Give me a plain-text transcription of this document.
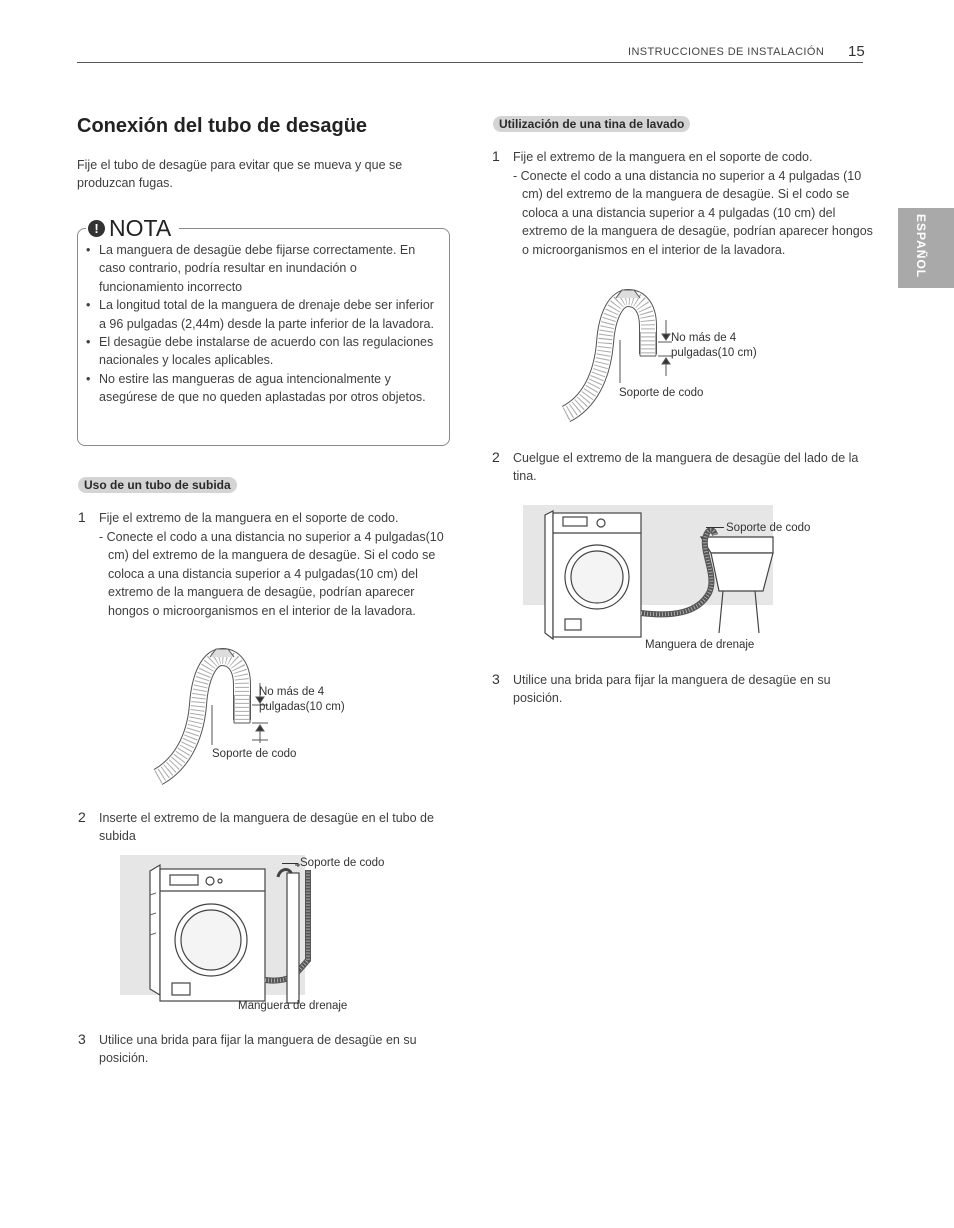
INSTRUCCIONES DE INSTALACIÓN 15
ESPAÑOL
Conexión del tubo de desagüe
Fije el tubo de desagüe para evitar que se mueva y que se produzcan fugas.
! NOTA
• La manguera de desagüe debe fijarse correctamente. En caso contrario, podría resultar en inundación o funcionamiento incorrecto
• La longitud total de la manguera de drenaje debe ser inferior a 96 pulgadas (2,44m) desde la parte inferior de la lavadora.
• El desagüe debe instalarse de acuerdo con las regulaciones nacionales y locales aplicables.
• No estire las mangueras de agua intencionalmente y asegúrese de que no queden aplastadas por otros objetos.
Uso de un tubo de subida
1 Fije el extremo de la manguera en el soporte de codo.
- Conecte el codo a una distancia no superior a 4 pulgadas(10 cm) del extremo de la manguera de desagüe. Si el codo se coloca a una distancia superior a 4 pulgadas(10 cm) del extremo de la manguera de desagüe, podrían aparecer hongos o microorganismos en el interior de la lavadora.
No más de 4 pulgadas(10 cm)
Soporte de codo
2 Inserte el extremo de la manguera de desagüe en el tubo de subida
Soporte de codo
Manguera de drenaje
3 Utilice una brida para fijar la manguera de desagüe en su posición.
Utilización de una tina de lavado
1 Fije el extremo de la manguera en el soporte de codo.
- Conecte el codo a una distancia no superior a 4 pulgadas (10 cm) del extremo de la manguera de desagüe. Si el codo se coloca a una distancia superior a 4 pulgadas (10 cm) del extremo de la manguera de desagüe, podrían aparecer hongos o microorganismos en el interior de la lavadora.
No más de 4 pulgadas(10 cm)
Soporte de codo
2 Cuelgue el extremo de la manguera de desagüe del lado de la tina.
Soporte de codo
Manguera de drenaje
3 Utilice una brida para fijar la manguera de desagüe en su posición.
